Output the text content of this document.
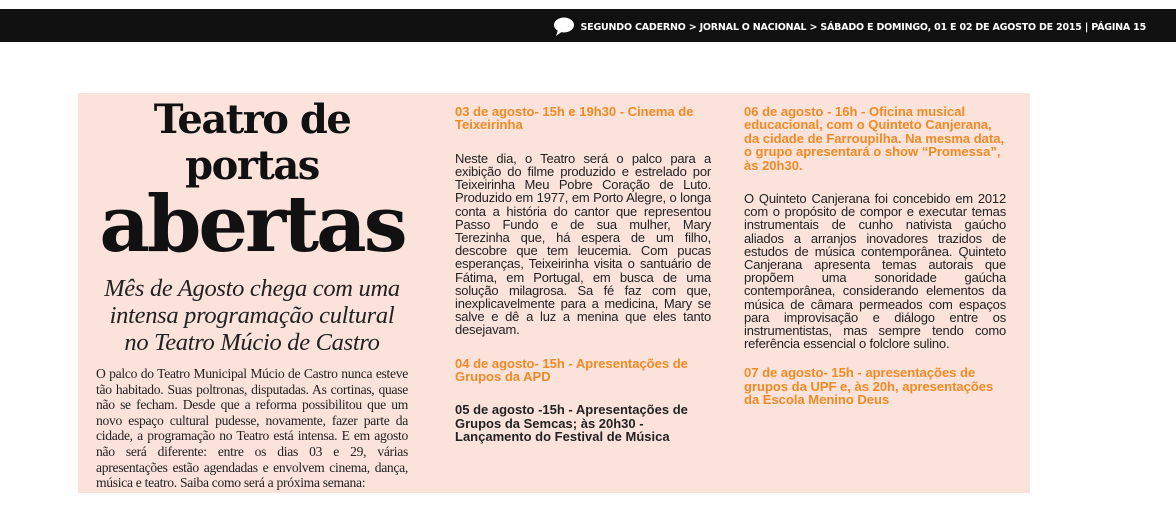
SEGUNDO CADERNO > JORNAL O NACIONAL > SÁBADO E DOMINGO, 01 E 02 DE AGOSTO DE 2015 | PÁGINA 15
Teatro de portas
abertas
Mês de Agosto chega com uma intensa programação cultural no Teatro Múcio de Castro
O palco do Teatro Municipal Múcio de Castro nunca esteve tão habitado. Suas poltronas, disputadas. As cortinas, quase não se fecham. Desde que a reforma possibilitou que um novo espaço cultural pudesse, novamente, fazer parte da cidade, a programação no Teatro está intensa. E em agosto não será diferente: entre os dias 03 e 29, várias apresentações estão agendadas e envolvem cinema, dança, música e teatro. Saiba como será a próxima semana:
03 de agosto- 15h e 19h30 - Cinema de Teixeirinha
Neste dia, o Teatro será o palco para a exibição do filme produzido e estrelado por Teixeirinha Meu Pobre Coração de Luto. Produzido em 1977, em Porto Alegre, o longa conta a história do cantor que representou Passo Fundo e de sua mulher, Mary Terezinha que, há espera de um filho, descobre que tem leucemia. Com pucas esperanças, Teixeirinha visita o santuário de Fátima, em Portugal, em busca de uma solução milagrosa. Sa fé faz com que, inexplicavelmente para a medicina, Mary se salve e dê a luz a menina que eles tanto desejavam.
04 de agosto- 15h - Apresentações de Grupos da APD
05 de agosto -15h - Apresentações de Grupos da Semcas; às 20h30 - Lançamento do Festival de Música
06 de agosto - 16h - Oficina musical educacional, com o Quinteto Canjerana, da cidade de Farroupilha. Na mesma data, o grupo apresentará o show “Promessa”, às 20h30.
O Quinteto Canjerana foi concebido em 2012 com o propósito de compor e executar temas instrumentais de cunho nativista gaúcho aliados a arranjos inovadores trazidos de estudos de música contemporânea. Quinteto Canjerana apresenta temas autorais que propõem uma sonoridade gaúcha contemporânea, considerando elementos da música de câmara permeados com espaços para improvisação e diálogo entre os instrumentistas, mas sempre tendo como referência essencial o folclore sulino.
07 de agosto- 15h - apresentações de grupos da UPF e, às 20h, apresentações da Escola Menino Deus
